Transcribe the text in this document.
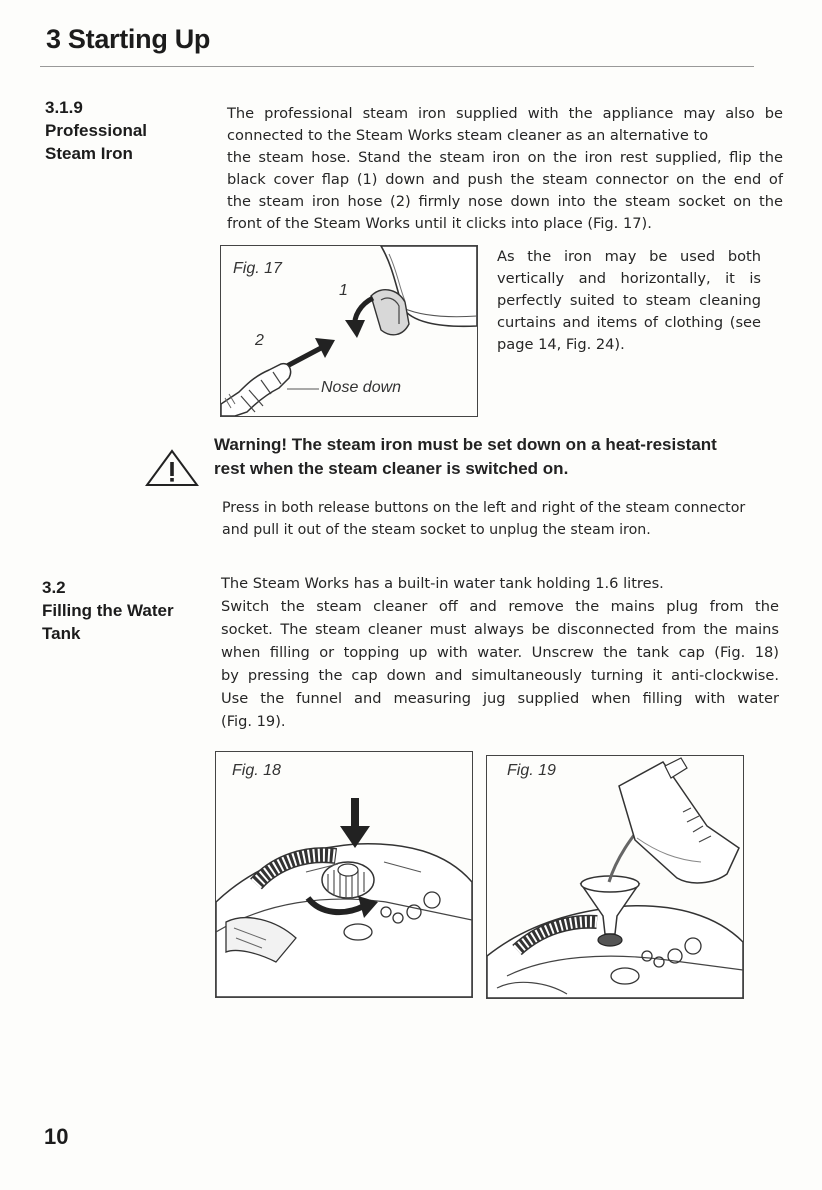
3 Starting Up
3.1.9
Professional
Steam Iron
The professional steam iron supplied with the appliance may also be
connected to the Steam Works steam cleaner as an alternative to
the steam hose. Stand the steam iron on the iron rest supplied, flip the
black cover flap (1) down and push the steam connector on the end of
the steam iron hose (2) firmly nose down into the steam socket on the
front of the Steam Works until it clicks into place (Fig. 17).
Fig. 17
1
2
Nose down
As the iron may be used both
vertically and horizontally, it is
perfectly suited to steam cleaning
curtains and items of clothing (see
page 14, Fig. 24).
Warning! The steam iron must be set down on a heat-resistant
rest when the steam cleaner is switched on.
Press in both release buttons on the left and right of the steam connector
and pull it out of the steam socket to unplug the steam iron.
3.2
Filling the Water
Tank
The Steam Works has a built-in water tank holding 1.6 litres.
Switch the steam cleaner off and remove the mains plug from the
socket. The steam cleaner must always be disconnected from the mains
when filling or topping up with water. Unscrew the tank cap (Fig. 18)
by pressing the cap down and simultaneously turning it anti-clockwise.
Use the funnel and measuring jug supplied when filling with water
(Fig. 19).
Fig. 18	Fig. 19
10
